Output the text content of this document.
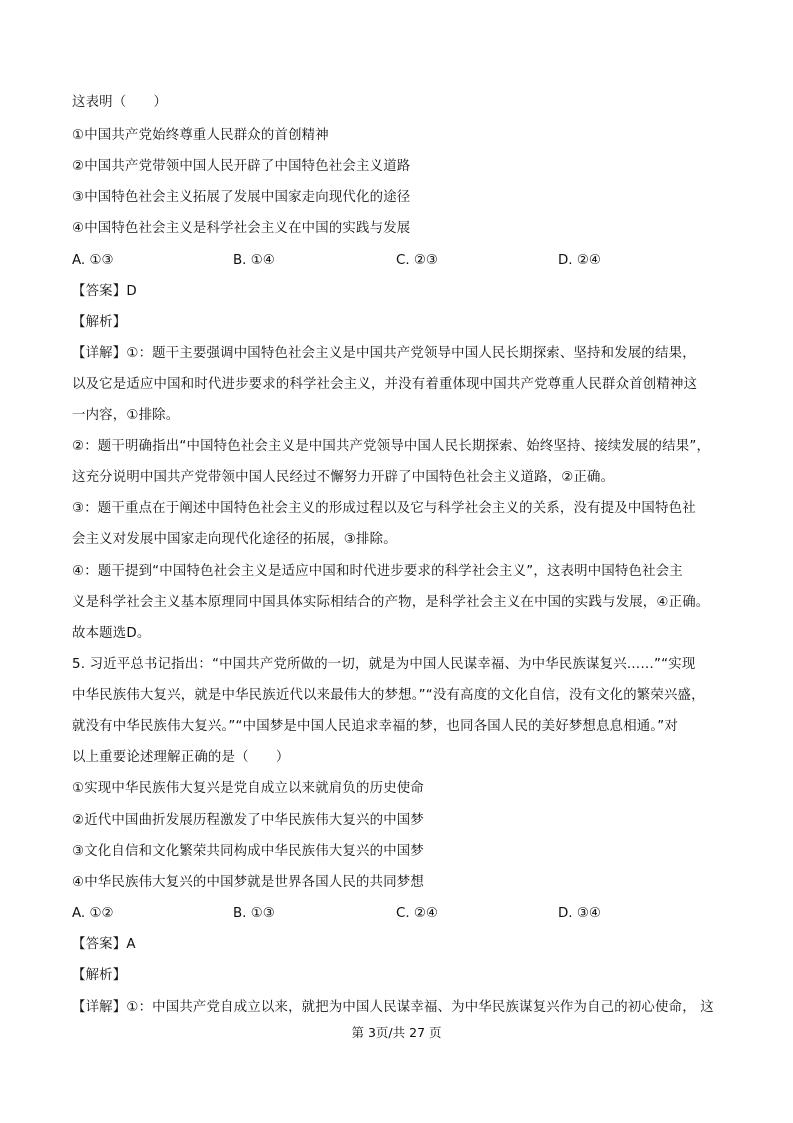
这表明（　　）
①中国共产党始终尊重人民群众的首创精神
②中国共产党带领中国人民开辟了中国特色社会主义道路
③中国特色社会主义拓展了发展中国家走向现代化的途径
④中国特色社会主义是科学社会主义在中国的实践与发展
A. ①③	B. ①④	C. ②③	D. ②④
【答案】D
【解析】
【详解】①：题干主要强调中国特色社会主义是中国共产党领导中国人民长期探索、坚持和发展的结果，
以及它是适应中国和时代进步要求的科学社会主义，并没有着重体现中国共产党尊重人民群众首创精神这
一内容，①排除。
②：题干明确指出“中国特色社会主义是中国共产党领导中国人民长期探索、始终坚持、接续发展的结果”，
这充分说明中国共产党带领中国人民经过不懈努力开辟了中国特色社会主义道路，②正确。
③：题干重点在于阐述中国特色社会主义的形成过程以及它与科学社会主义的关系，没有提及中国特色社
会主义对发展中国家走向现代化途径的拓展，③排除。
④：题干提到“中国特色社会主义是适应中国和时代进步要求的科学社会主义”，这表明中国特色社会主
义是科学社会主义基本原理同中国具体实际相结合的产物，是科学社会主义在中国的实践与发展，④正确。
故本题选D。
5. 习近平总书记指出：“中国共产党所做的一切，就是为中国人民谋幸福、为中华民族谋复兴……”“实现
中华民族伟大复兴，就是中华民族近代以来最伟大的梦想。”“没有高度的文化自信，没有文化的繁荣兴盛，
就没有中华民族伟大复兴。”“中国梦是中国人民追求幸福的梦，也同各国人民的美好梦想息息相通。”对
以上重要论述理解正确的是（　　）
①实现中华民族伟大复兴是党自成立以来就肩负的历史使命
②近代中国曲折发展历程激发了中华民族伟大复兴的中国梦
③文化自信和文化繁荣共同构成中华民族伟大复兴的中国梦
④中华民族伟大复兴的中国梦就是世界各国人民的共同梦想
A. ①②	B. ①③	C. ②④	D. ③④
【答案】A
【解析】
【详解】①：中国共产党自成立以来，就把为中国人民谋幸福、为中华民族谋复兴作为自己的初心使命， 这
第 3页/共 27 页
